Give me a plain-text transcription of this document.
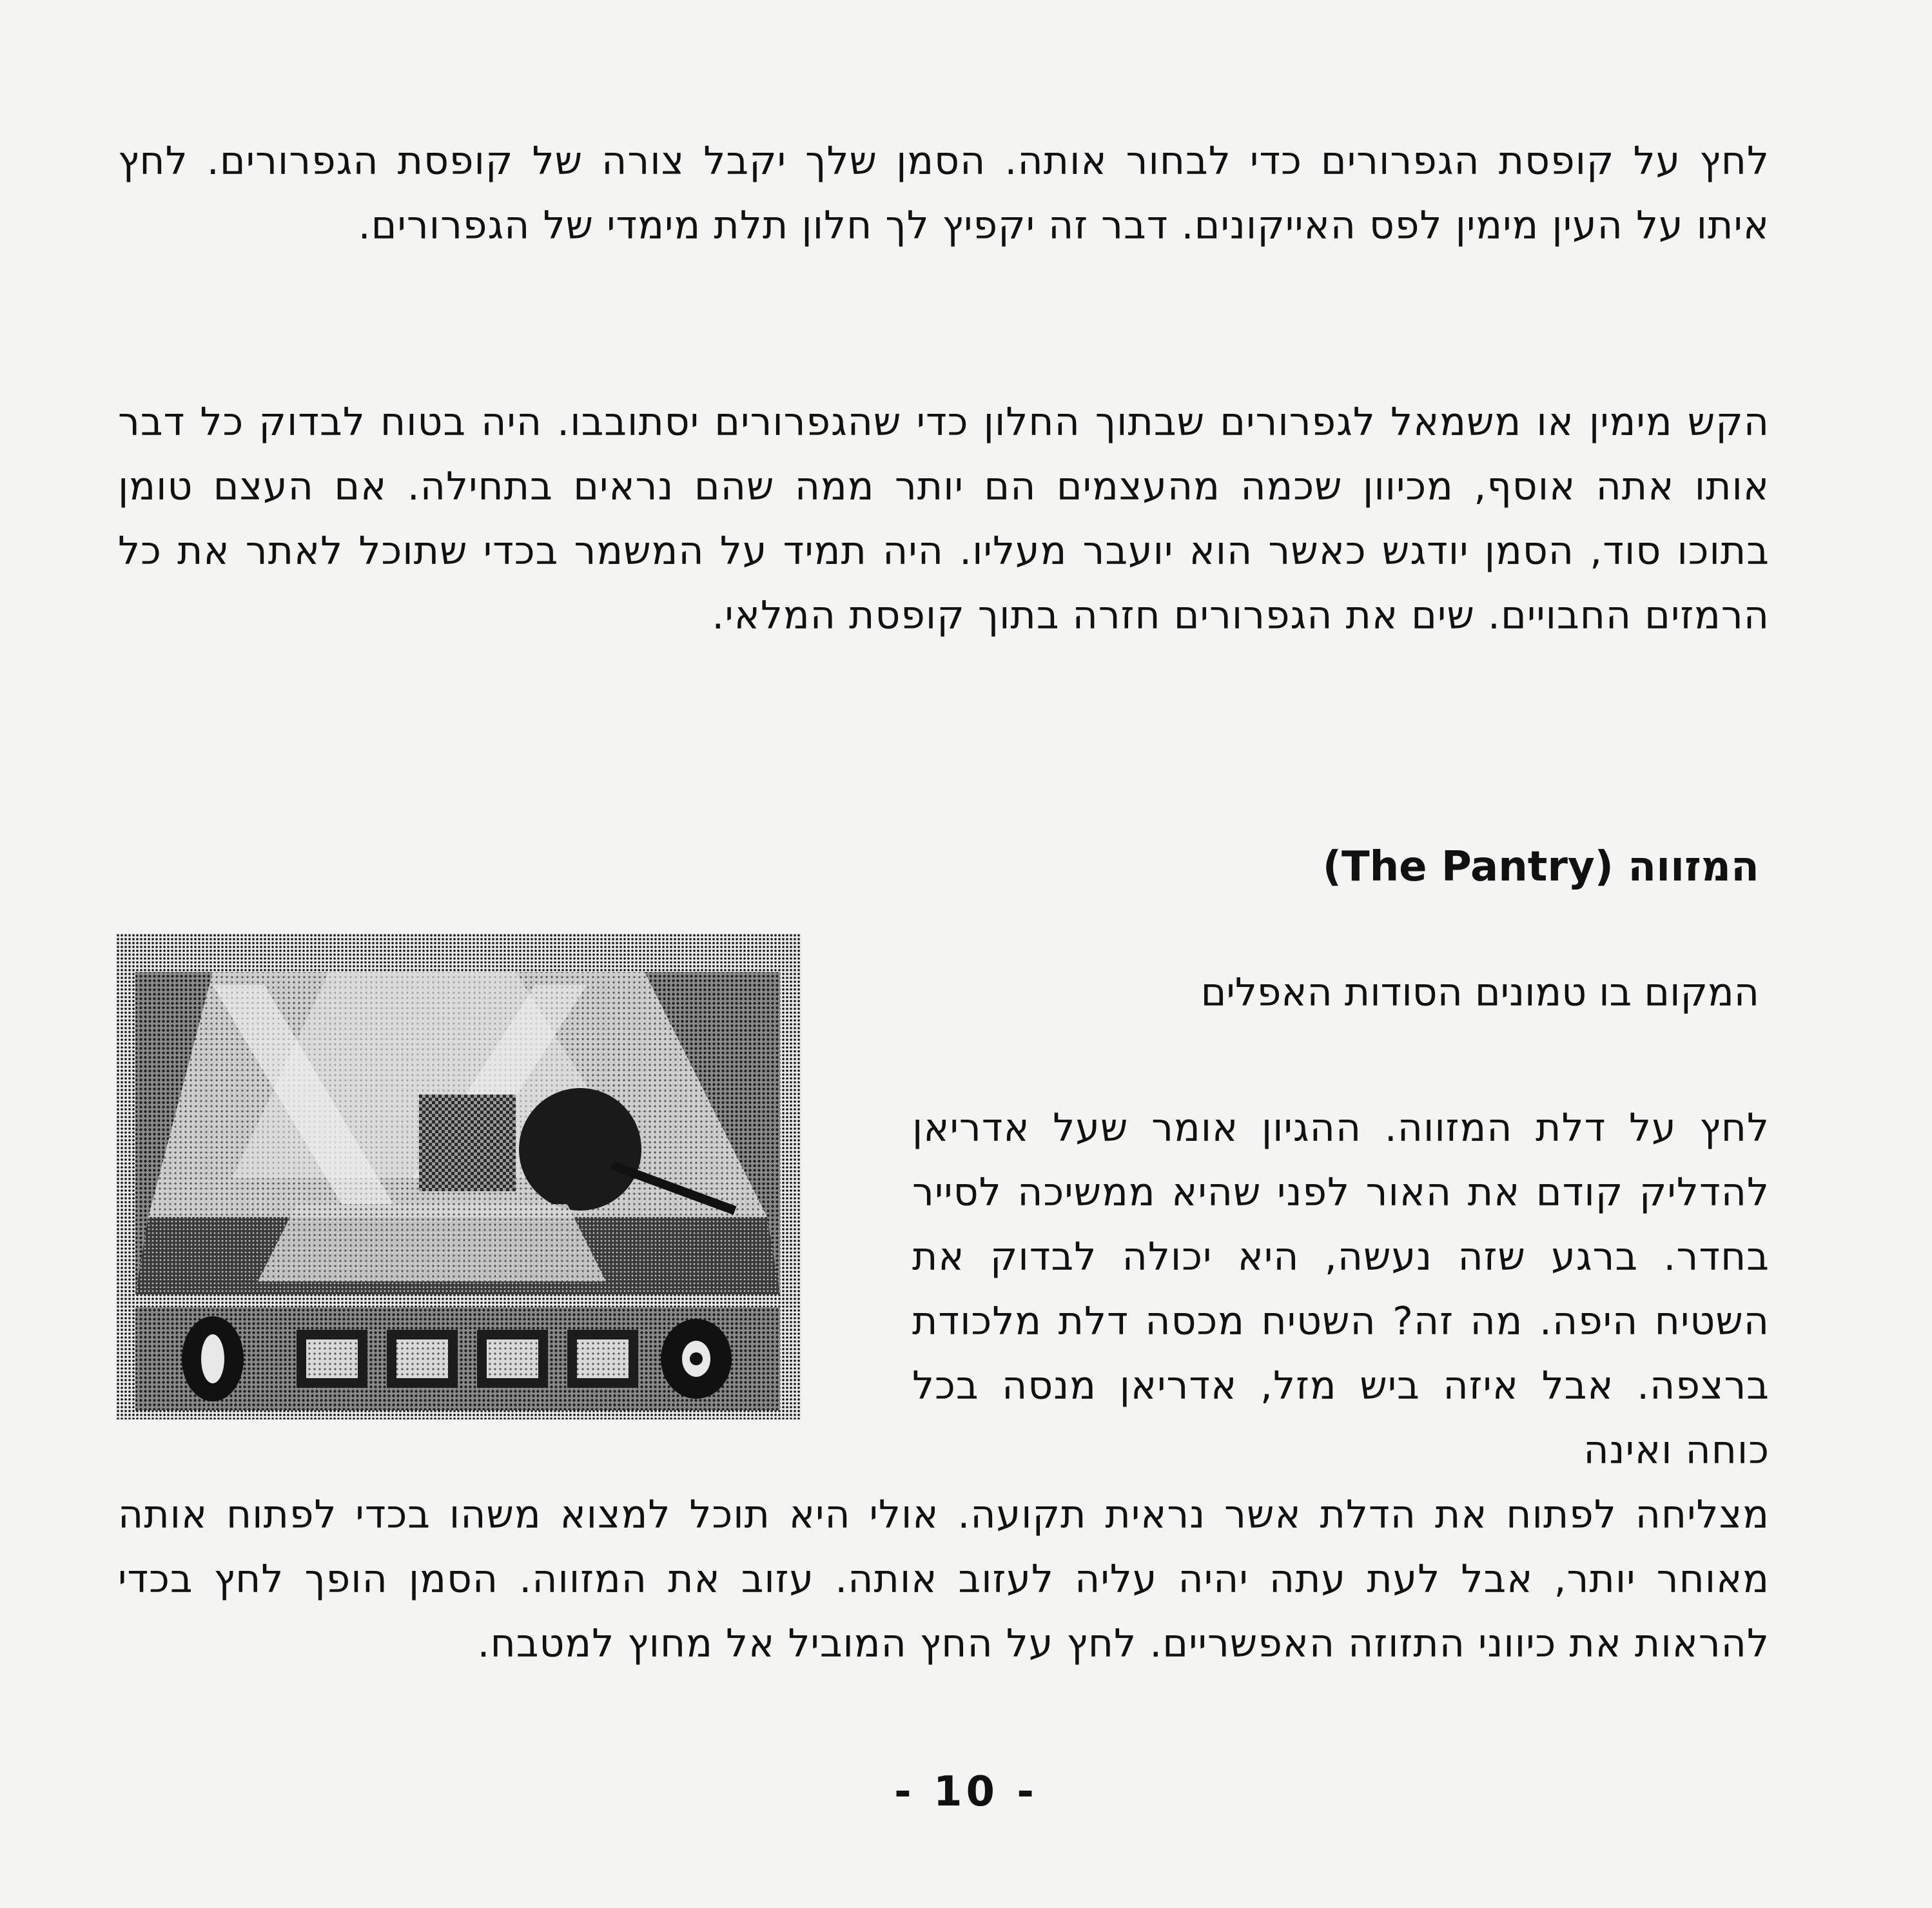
לחץ על קופסת הגפרורים כדי לבחור אותה. הסמן שלך יקבל צורה של קופסת הגפרורים. לחץ איתו על העין מימין לפס האייקונים. דבר זה יקפיץ לך חלון תלת מימדי של הגפרורים.

הקש מימין או משמאל לגפרורים שבתוך החלון כדי שהגפרורים יסתובבו. היה בטוח לבדוק כל דבר אותו אתה אוסף, מכיוון שכמה מהעצמים הם יותר ממה שהם נראים בתחילה. אם העצם טומן בתוכו סוד, הסמן יודגש כאשר הוא יועבר מעליו. היה תמיד על המשמר בכדי שתוכל לאתר את כל הרמזים החבויים. שים את הגפרורים חזרה בתוך קופסת המלאי.

המזווה (The Pantry)
המקום בו טמונים הסודות האפלים

לחץ על דלת המזווה. ההגיון אומר שעל אדריאן להדליק קודם את האור לפני שהיא ממשיכה לסייר בחדר. ברגע שזה נעשה, היא יכולה לבדוק את השטיח היפה. מה זה? השטיח מכסה דלת מלכודת ברצפה. אבל איזה ביש מזל, אדריאן מנסה בכל כוחה ואינה

מצליחה לפתוח את הדלת אשר נראית תקועה. אולי היא תוכל למצוא משהו בכדי לפתוח אותה מאוחר יותר, אבל לעת עתה יהיה עליה לעזוב אותה. עזוב את המזווה. הסמן הופך לחץ בכדי להראות את כיווני התזוזה האפשריים. לחץ על החץ המוביל אל מחוץ למטבח.

- 10 -
